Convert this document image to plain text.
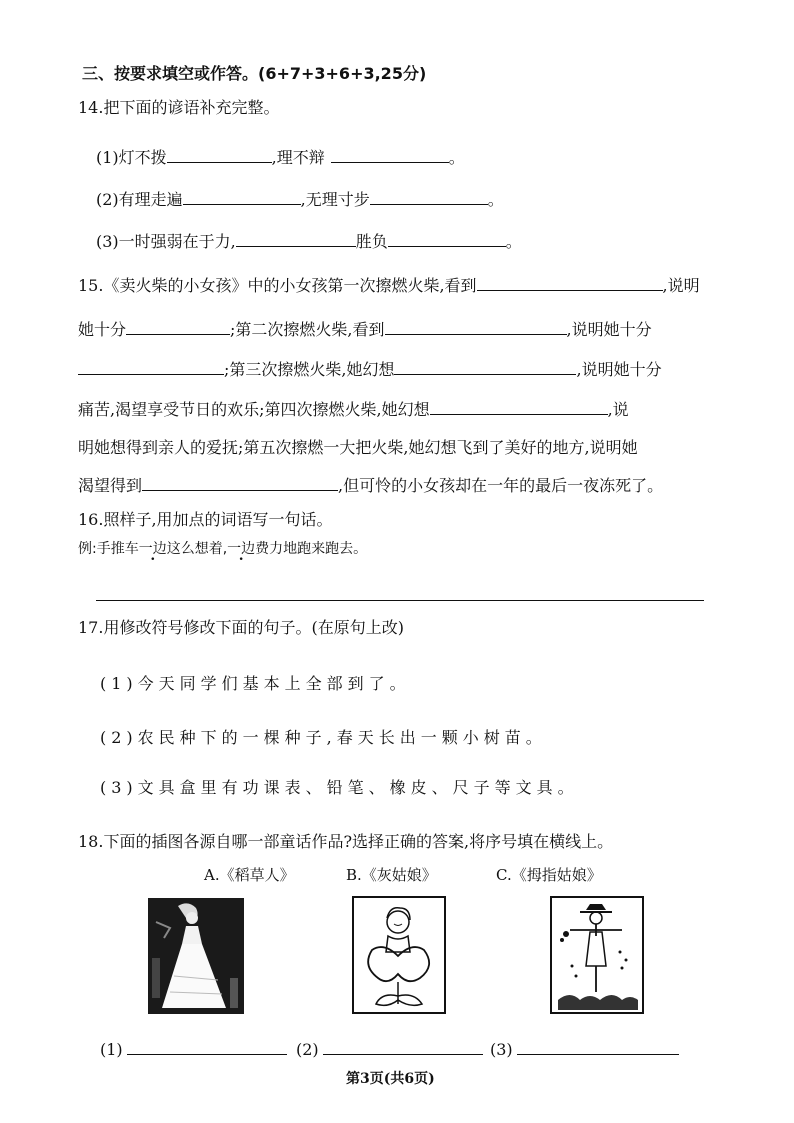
三、按要求填空或作答。(6+7+3+6+3,25分)
14.把下面的谚语补充完整。
(1)灯不拨	,理不辩	。
(2)有理走遍	,无理寸步	。
(3)一时强弱在于力,	胜负	。
15.《卖火柴的小女孩》中的小女孩第一次擦燃火柴,看到	,说明
她十分	;第二次擦燃火柴,看到	,说明她十分
;第三次擦燃火柴,她幻想	,说明她十分
痛苦,渴望享受节日的欢乐;第四次擦燃火柴,她幻想	,说
明她想得到亲人的爱抚;第五次擦燃一大把火柴,她幻想飞到了美好的地方,说明她
渴望得到	,但可怜的小女孩却在一年的最后一夜冻死了。
16.照样子,用加点的词语写一句话。
例:手推车一边这么想着,一边费力地跑来跑去。
17.用修改符号修改下面的句子。(在原句上改)
(1)今天同学们基本上全部到了。
(2)农民种下的一棵种子,春天长出一颗小树苗。
(3)文具盒里有功课表、铅笔、橡皮、尺子等文具。
18.下面的插图各源自哪一部童话作品?选择正确的答案,将序号填在横线上。
A.《稻草人》	B.《灰姑娘》	C.《拇指姑娘》
(1)	(2)	(3)
第3页(共6页)
